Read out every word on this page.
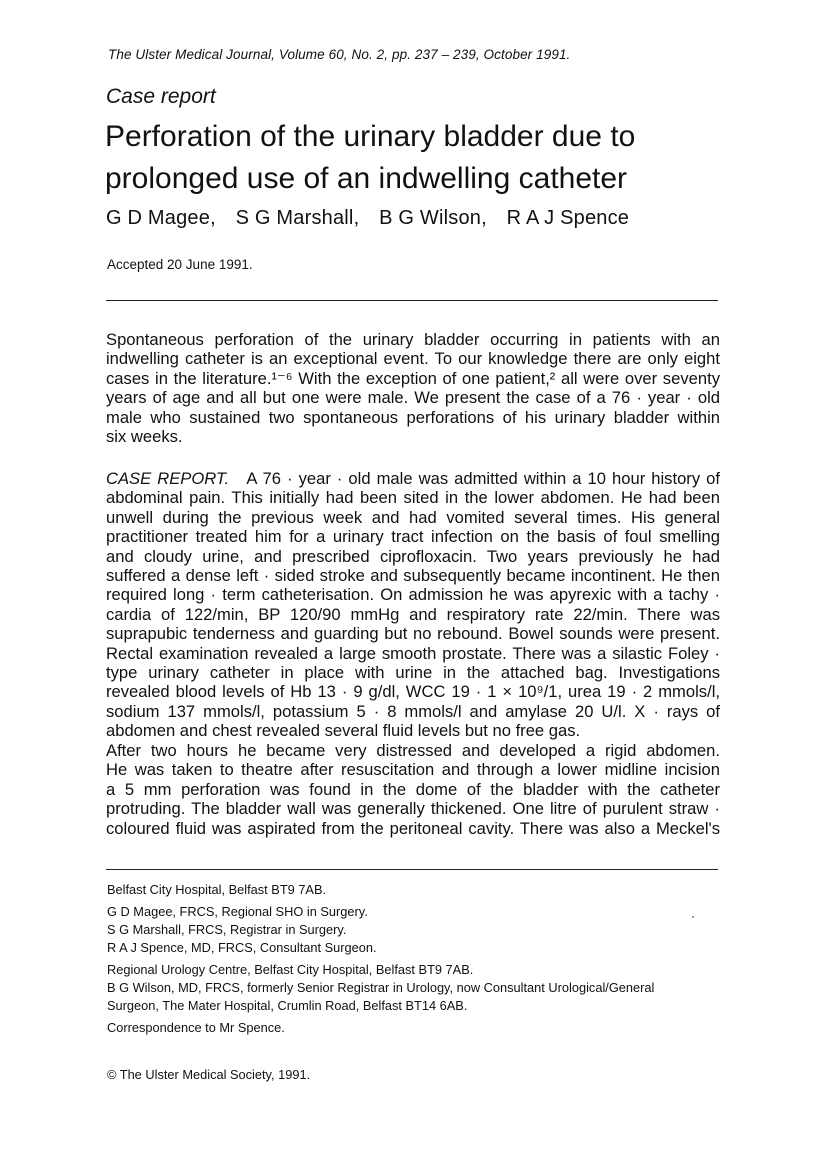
The Ulster Medical Journal, Volume 60, No. 2, pp. 237 – 239, October 1991.
Case report
Perforation of the urinary bladder due to
prolonged use of an indwelling catheter
G D Magee, S G Marshall, B G Wilson, R A J Spence
Accepted 20 June 1991.
Spontaneous perforation of the urinary bladder occurring in patients with an
indwelling catheter is an exceptional event. To our knowledge there are only eight
cases in the literature.¹⁻⁶ With the exception of one patient,² all were over seventy
years of age and all but one were male. We present the case of a 76 · year · old
male who sustained two spontaneous perforations of his urinary bladder within
six weeks.
CASE REPORT. A 76 · year · old male was admitted within a 10 hour history of
abdominal pain. This initially had been sited in the lower abdomen. He had been
unwell during the previous week and had vomited several times. His general
practitioner treated him for a urinary tract infection on the basis of foul smelling
and cloudy urine, and prescribed ciprofloxacin. Two years previously he had
suffered a dense left · sided stroke and subsequently became incontinent. He then
required long · term catheterisation. On admission he was apyrexic with a tachy ·
cardia of 122/min, BP 120/90 mmHg and respiratory rate 22/min. There was
suprapubic tenderness and guarding but no rebound. Bowel sounds were present.
Rectal examination revealed a large smooth prostate. There was a silastic Foley ·
type urinary catheter in place with urine in the attached bag. Investigations
revealed blood levels of Hb 13 · 9 g/dl, WCC 19 · 1 × 10⁹/1, urea 19 · 2 mmols/l,
sodium 137 mmols/l, potassium 5 · 8 mmols/l and amylase 20 U/l. X · rays of
abdomen and chest revealed several fluid levels but no free gas.
After two hours he became very distressed and developed a rigid abdomen.
He was taken to theatre after resuscitation and through a lower midline incision
a 5 mm perforation was found in the dome of the bladder with the catheter
protruding. The bladder wall was generally thickened. One litre of purulent straw ·
coloured fluid was aspirated from the peritoneal cavity. There was also a Meckel's
Belfast City Hospital, Belfast BT9 7AB.
G D Magee, FRCS, Regional SHO in Surgery.
S G Marshall, FRCS, Registrar in Surgery.
R A J Spence, MD, FRCS, Consultant Surgeon.
Regional Urology Centre, Belfast City Hospital, Belfast BT9 7AB.
B G Wilson, MD, FRCS, formerly Senior Registrar in Urology, now Consultant Urological/General
Surgeon, The Mater Hospital, Crumlin Road, Belfast BT14 6AB.
Correspondence to Mr Spence.
© The Ulster Medical Society, 1991.
